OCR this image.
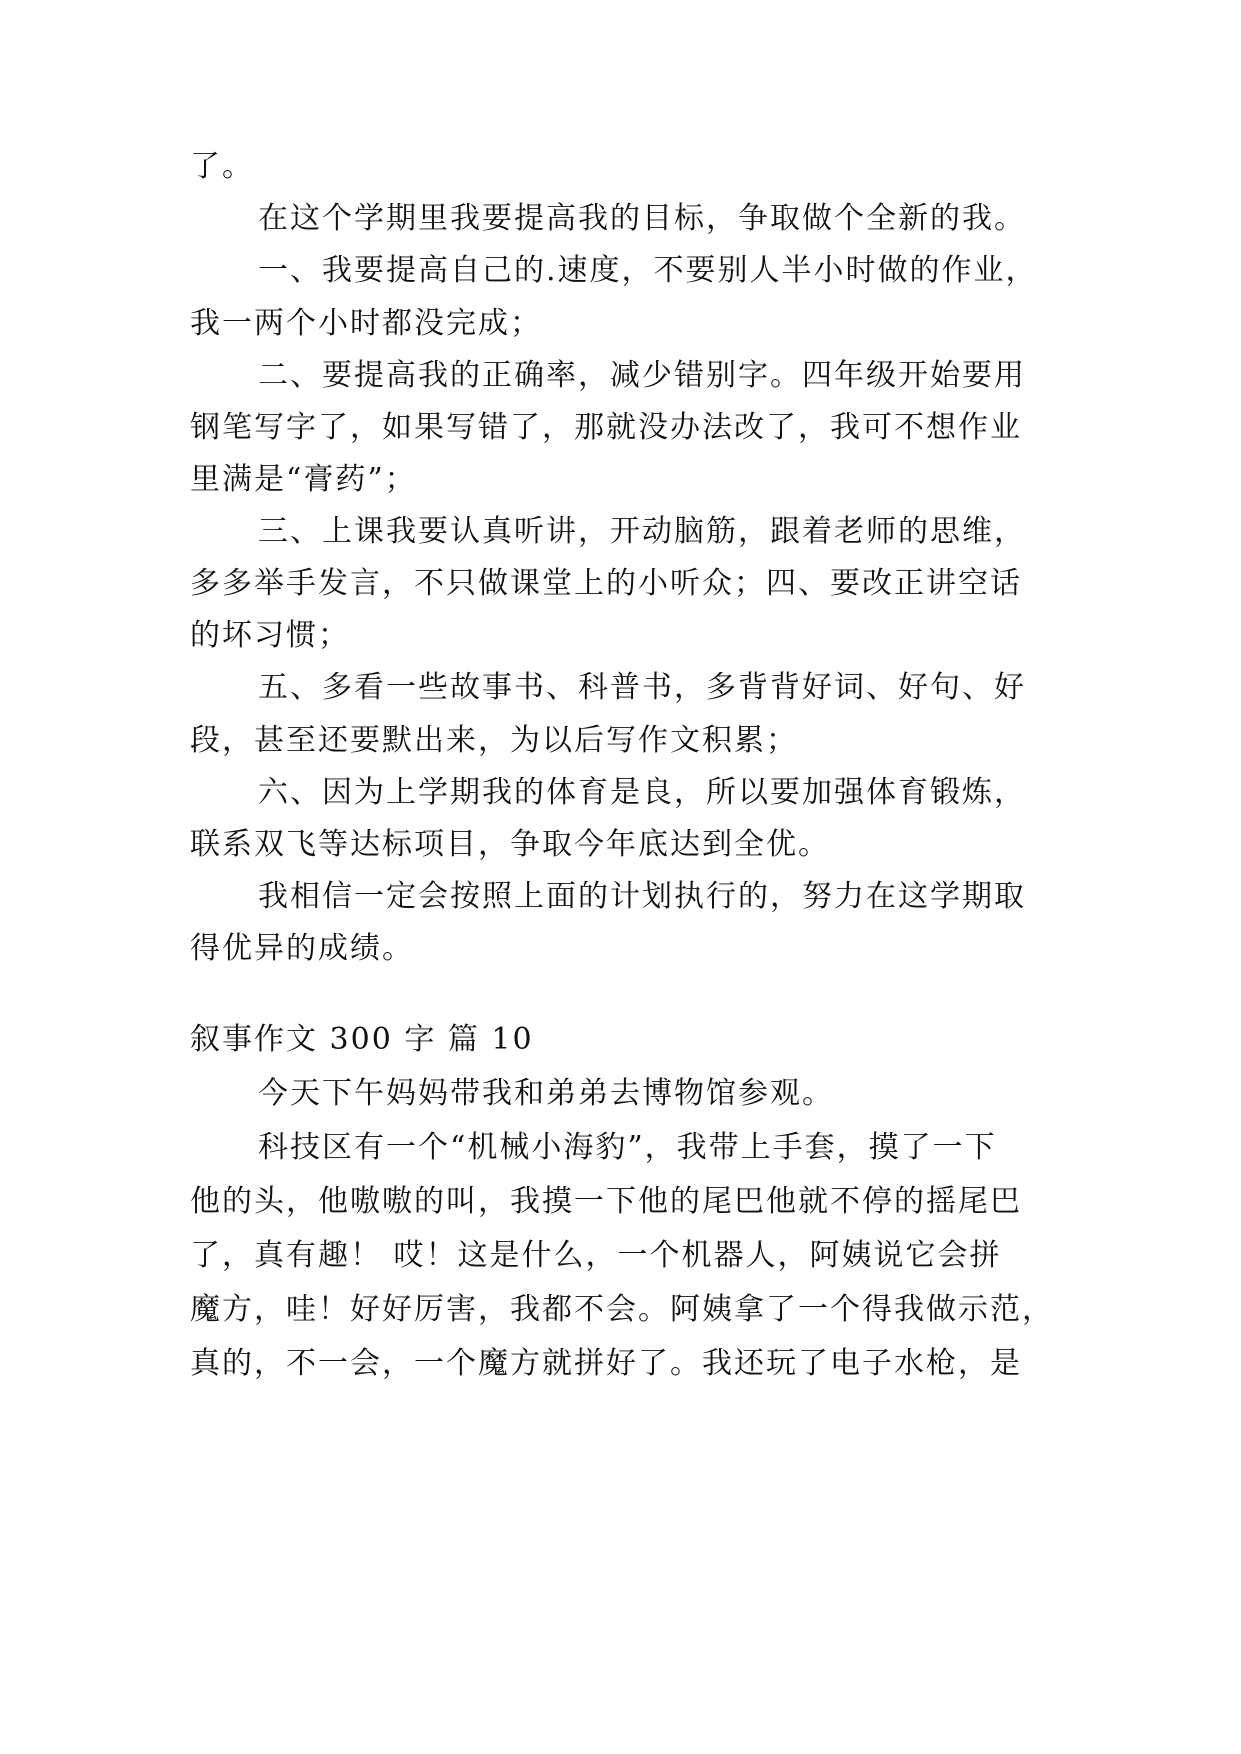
了。
在这个学期里我要提高我的目标，争取做个全新的我。
一、我要提高自己的.速度，不要别人半小时做的作业，
我一两个小时都没完成；
二、要提高我的正确率，减少错别字。四年级开始要用
钢笔写字了，如果写错了，那就没办法改了，我可不想作业
里满是“膏药”；
三、上课我要认真听讲，开动脑筋，跟着老师的思维，
多多举手发言，不只做课堂上的小听众；四、要改正讲空话
的坏习惯；
五、多看一些故事书、科普书，多背背好词、好句、好
段，甚至还要默出来，为以后写作文积累；
六、因为上学期我的体育是良，所以要加强体育锻炼，
联系双飞等达标项目，争取今年底达到全优。
我相信一定会按照上面的计划执行的，努力在这学期取
得优异的成绩。
叙事作文 300 字 篇 10
今天下午妈妈带我和弟弟去博物馆参观。
科技区有一个“机械小海豹”，我带上手套，摸了一下
他的头，他嗷嗷的叫，我摸一下他的尾巴他就不停的摇尾巴
了，真有趣！ 哎！这是什么，一个机器人，阿姨说它会拼
魔方，哇！好好厉害，我都不会。阿姨拿了一个得我做示范，
真的，不一会，一个魔方就拼好了。我还玩了电子水枪，是
